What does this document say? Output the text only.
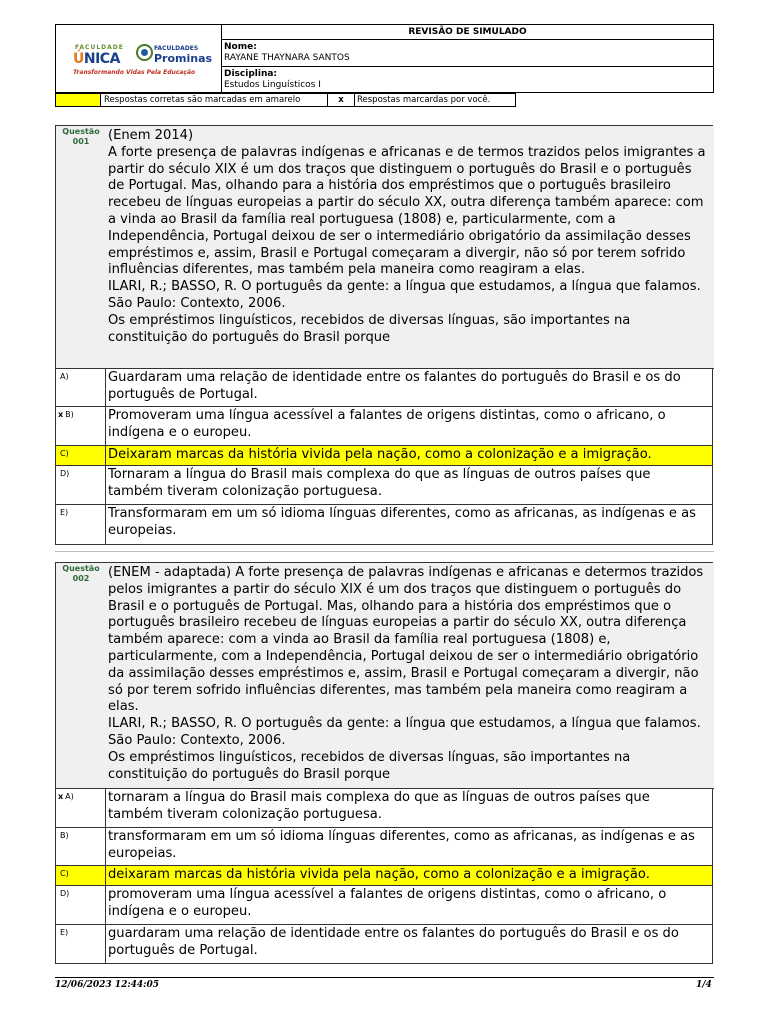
FACULDADE
ÚNICA
FACULDADES
Prominas
Transformando Vidas Pela Educação
REVISÃO DE SIMULADO
Nome:
RAYANE THAYNARA SANTOS
Disciplina:
Estudos Linguísticos I
Respostas corretas são marcadas em amarelo	x	Respostas marcardas por você.
Questão
001	(Enem 2014)
A forte presença de palavras indígenas e africanas e de termos trazidos pelos imigrantes a partir do século XIX é um dos traços que distinguem o português do Brasil e o português de Portugal. Mas, olhando para a história dos empréstimos que o português brasileiro recebeu de línguas europeias a partir do século XX, outra diferença também aparece: com a vinda ao Brasil da família real portuguesa (1808) e, particularmente, com a Independência, Portugal deixou de ser o intermediário obrigatório da assimilação desses empréstimos e, assim, Brasil e Portugal começaram a divergir, não só por terem sofrido influências diferentes, mas também pela maneira como reagiram a elas.
ILARI, R.; BASSO, R. O português da gente: a língua que estudamos, a língua que falamos. São Paulo: Contexto, 2006.
Os empréstimos linguísticos, recebidos de diversas línguas, são importantes na constituição do português do Brasil porque
A)	Guardaram uma relação de identidade entre os falantes do português do Brasil e os do português de Portugal.
x B)	Promoveram uma língua acessível a falantes de origens distintas, como o africano, o indígena e o europeu.
C)	Deixaram marcas da história vivida pela nação, como a colonização e a imigração.
D)	Tornaram a língua do Brasil mais complexa do que as línguas de outros países que também tiveram colonização portuguesa.
E)	Transformaram em um só idioma línguas diferentes, como as africanas, as indígenas e as europeias.
Questão
002	(ENEM - adaptada) A forte presença de palavras indígenas e africanas e determos trazidos pelos imigrantes a partir do século XIX é um dos traços que distinguem o português do Brasil e o português de Portugal. Mas, olhando para a história dos empréstimos que o português brasileiro recebeu de línguas europeias a partir do século XX, outra diferença também aparece: com a vinda ao Brasil da família real portuguesa (1808) e, particularmente, com a Independência, Portugal deixou de ser o intermediário obrigatório da assimilação desses empréstimos e, assim, Brasil e Portugal começaram a divergir, não só por terem sofrido influências diferentes, mas também pela maneira como reagiram a elas.
ILARI, R.; BASSO, R. O português da gente: a língua que estudamos, a língua que falamos. São Paulo: Contexto, 2006.
Os empréstimos linguísticos, recebidos de diversas línguas, são importantes na constituição do português do Brasil porque
x A)	tornaram a língua do Brasil mais complexa do que as línguas de outros países que também tiveram colonização portuguesa.
B)	transformaram em um só idioma línguas diferentes, como as africanas, as indígenas e as europeias.
C)	deixaram marcas da história vivida pela nação, como a colonização e a imigração.
D)	promoveram uma língua acessível a falantes de origens distintas, como o africano, o indígena e o europeu.
E)	guardaram uma relação de identidade entre os falantes do português do Brasil e os do português de Portugal.
12/06/2023 12:44:05	1/4
